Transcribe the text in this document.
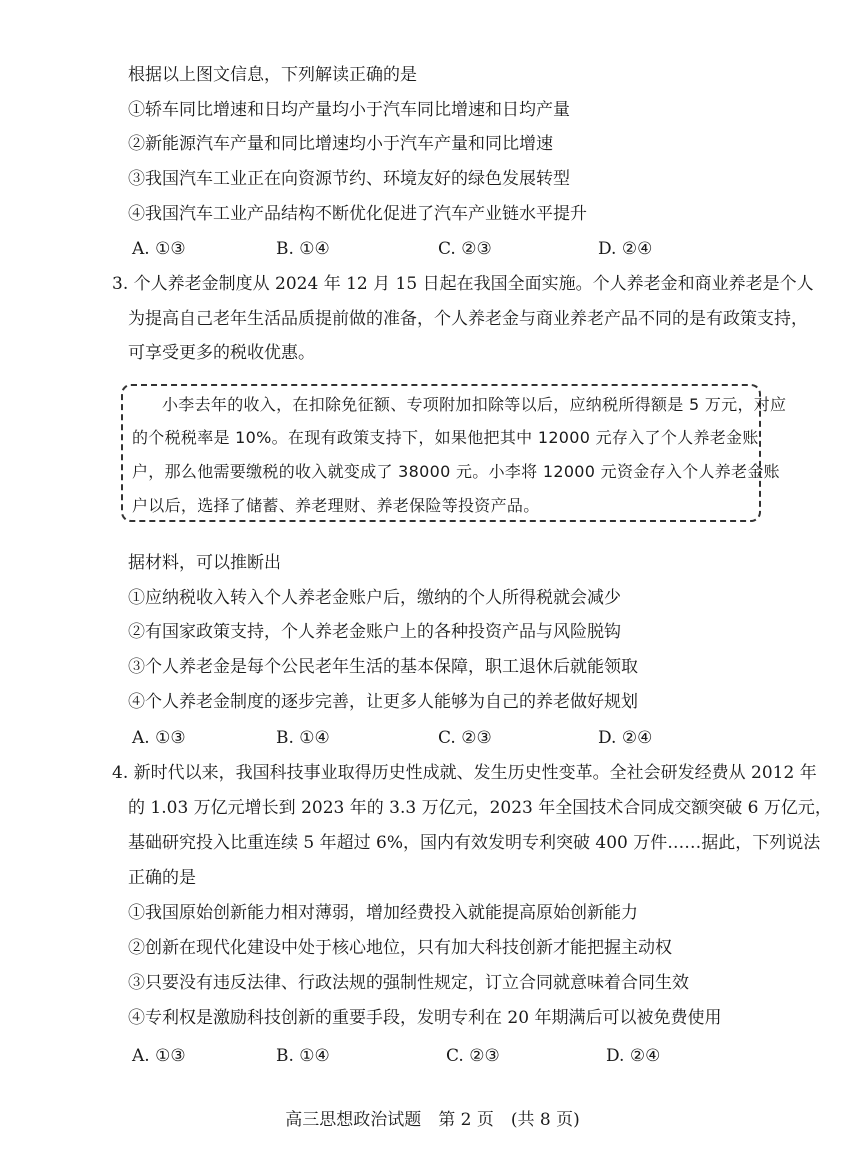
根据以上图文信息，下列解读正确的是
①轿车同比增速和日均产量均小于汽车同比增速和日均产量
②新能源汽车产量和同比增速均小于汽车产量和同比增速
③我国汽车工业正在向资源节约、环境友好的绿色发展转型
④我国汽车工业产品结构不断优化促进了汽车产业链水平提升
A. ①③	B. ①④	C. ②③	D. ②④
3. 个人养老金制度从 2024 年 12 月 15 日起在我国全面实施。个人养老金和商业养老是个人
为提高自己老年生活品质提前做的准备，个人养老金与商业养老产品不同的是有政策支持，
可享受更多的税收优惠。
小李去年的收入，在扣除免征额、专项附加扣除等以后，应纳税所得额是 5 万元，对应
的个税税率是 10%。在现有政策支持下，如果他把其中 12000 元存入了个人养老金账
户，那么他需要缴税的收入就变成了 38000 元。小李将 12000 元资金存入个人养老金账
户以后，选择了储蓄、养老理财、养老保险等投资产品。
据材料，可以推断出
①应纳税收入转入个人养老金账户后，缴纳的个人所得税就会减少
②有国家政策支持，个人养老金账户上的各种投资产品与风险脱钩
③个人养老金是每个公民老年生活的基本保障，职工退休后就能领取
④个人养老金制度的逐步完善，让更多人能够为自己的养老做好规划
A. ①③	B. ①④	C. ②③	D. ②④
4. 新时代以来，我国科技事业取得历史性成就、发生历史性变革。全社会研发经费从 2012 年
的 1.03 万亿元增长到 2023 年的 3.3 万亿元，2023 年全国技术合同成交额突破 6 万亿元，
基础研究投入比重连续 5 年超过 6%，国内有效发明专利突破 400 万件……据此，下列说法
正确的是
①我国原始创新能力相对薄弱，增加经费投入就能提高原始创新能力
②创新在现代化建设中处于核心地位，只有加大科技创新才能把握主动权
③只要没有违反法律、行政法规的强制性规定，订立合同就意味着合同生效
④专利权是激励科技创新的重要手段，发明专利在 20 年期满后可以被免费使用
A. ①③	B. ①④	C. ②③	D. ②④
高三思想政治试题　第 2 页　(共 8 页)
